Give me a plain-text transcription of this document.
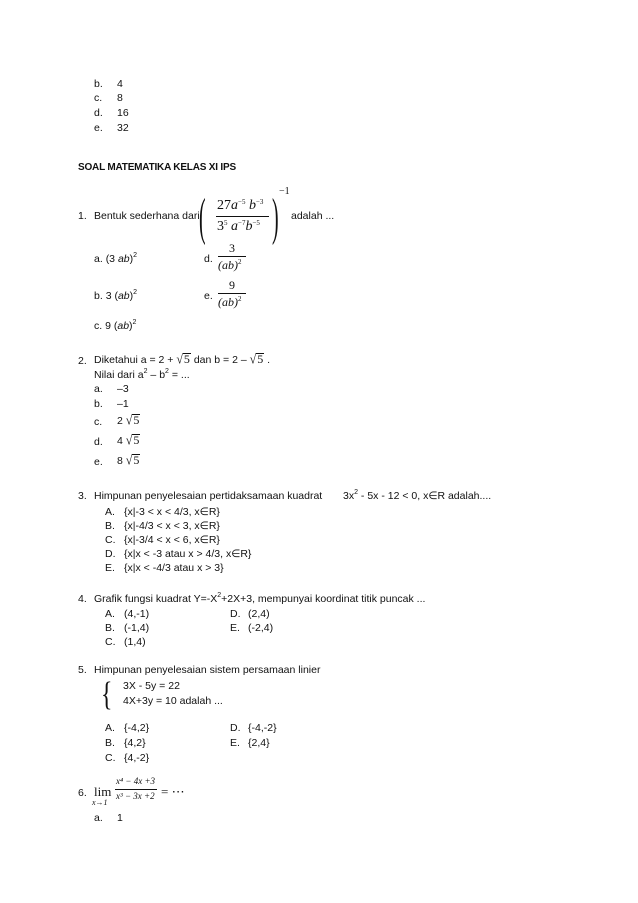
b. 4
c. 8
d. 16
e. 32
SOAL MATEMATIKA KELAS XI IPS
1. Bentuk sederhana dari ( ) −1
$27a^{-5}$ $b^{-3}$
$3^5$ $a^{-7}b^{-5}$
adalah ...
a. (3 ab)$^2$	d.
3
(ab)$^2$
b. 3 (ab)$^2$	e.
9
(ab)$^2$
c. 9 (ab)$^2$
2. Diketahui a = 2 + √5 dan b = 2 – √5 .
Nilai dari $a^2 - b^2$ = ...
a. –3
b. –1
c. 2 √5
d. 4 √5
e. 8 √5
3. Himpunan penyelesaian pertidaksamaan kuadrat $3x^2 - 5x - 12 < 0$, x∈R adalah....
A. {x|-3 < x < 4/3, x∈R}
B. {x|-4/3 < x < 3, x∈R}
C. {x|-3/4 < x < 6, x∈R}
D. {x|x < -3 atau x > 4/3, x∈R}
E. {x|x < -4/3 atau x > 3}
4. Grafik fungsi kuadrat $Y=-X^2+2X+3$, mempunyai koordinat titik puncak ...
A. (4,-1)
B. (-1,4)
C. (1,4)
D. (2,4)
E. (-2,4)
5. Himpunan penyelesaian sistem persamaan linier
{ 3X - 5y = 22
4X+3y = 10 adalah ...
A. {-4,2}
B. {4,2}
C. {4,-2}
D. {-4,-2}
E. {2,4}
6. lim
x→1
x⁴ − 4x +3
x³ − 3x +2 = ⋯
a. 1
